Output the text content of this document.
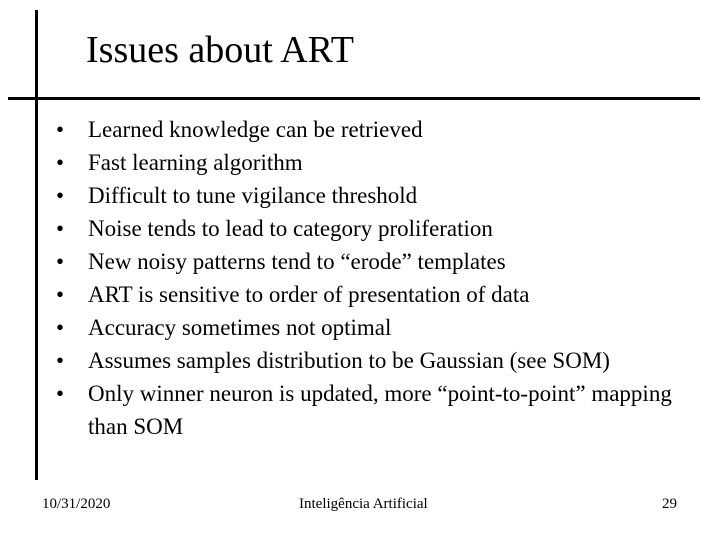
Issues about ART
•	Learned knowledge can be retrieved
•	Fast learning algorithm
•	Difficult to tune vigilance threshold
•	Noise tends to lead to category proliferation
•	New noisy patterns tend to “erode” templates
•	ART is sensitive to order of presentation of data
•	Accuracy sometimes not optimal
•	Assumes samples distribution to be Gaussian (see SOM)
•	Only winner neuron is updated, more “point-to-point” mapping than SOM
10/31/2020	Inteligência Artificial	29
